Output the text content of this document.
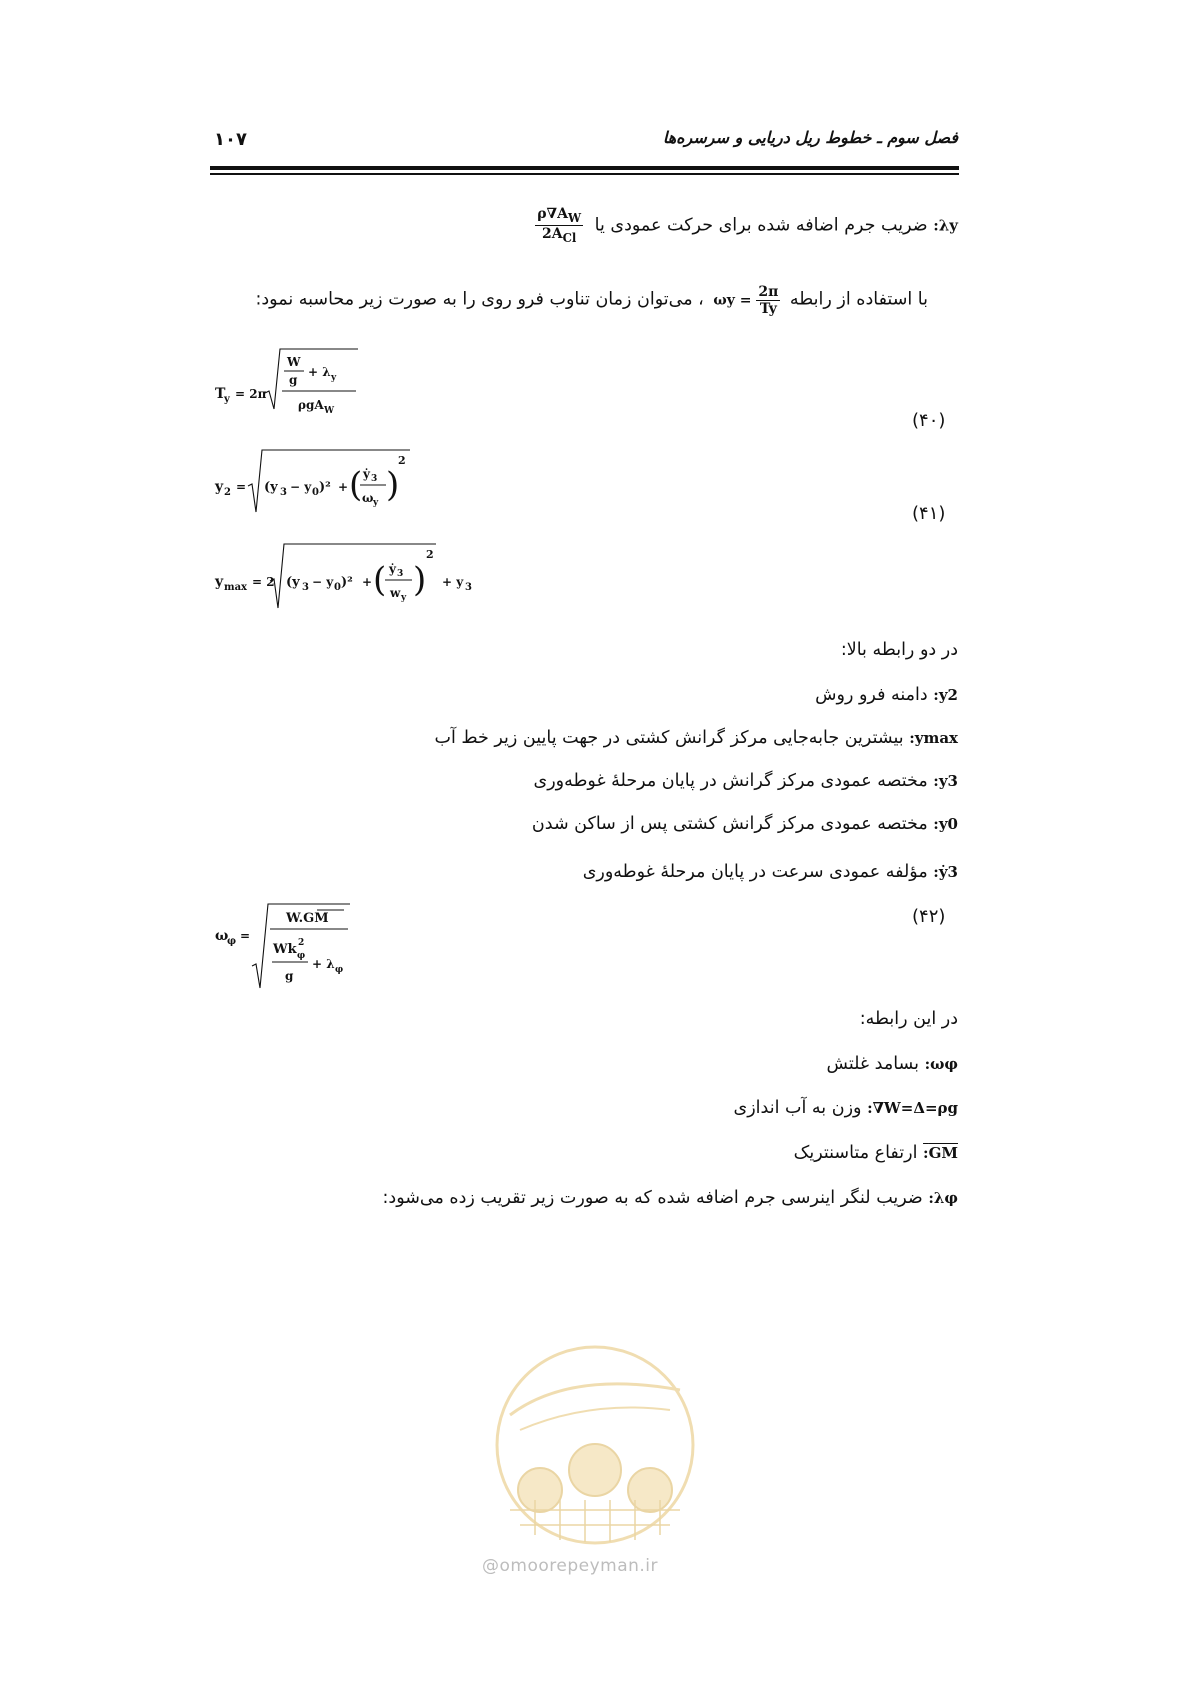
فصل سوم ـ خطوط ریل دریایی و سرسره‌ها
۱۰۷
λy: ضریب جرم اضافه شده برای حرکت عمودی یا
$\frac{\rho\nabla A_W}{2A_{Cl}}$
با استفاده از رابطه $\omega y = \frac{2\pi}{Ty}$
، می‌توان زمان تناوب فرو روی را به صورت زیر محاسبه نمود:
T
y = 2π
W
g
+ λ y
ρgA W	(۴۰)
y 2 = (y 3 − y 0 )² + ( ẏ 3
ω y )
2
(۴۱)
y max = 2 (y 3 − y 0 )² + ( ẏ 3
w y )
2
+ y 3
در دو رابطه بالا:
y2: دامنه فرو روش
ymax: بیشترین جابه‌جایی مرکز گرانش کشتی در جهت پایین زیر خط آب
y3: مختصه عمودی مرکز گرانش در پایان مرحلهٔ غوطه‌وری
y0: مختصه عمودی مرکز گرانش کشتی پس از ساکن شدن
ẏ3: مؤلفه عمودی سرعت در پایان مرحلهٔ غوطه‌وری
ω
φ =
W.GM
Wk φ
2
g
+ λ φ
(۴۲)
در این رابطه:
ωφ: بسامد غلتش
W=Δ=ρg∇: وزن به آب اندازی
GM: ارتفاع متاسنتریک
λφ: ضریب لنگر اینرسی جرم اضافه شده که به صورت زیر تقریب زده می‌شود:
@omoorepeyman.ir
